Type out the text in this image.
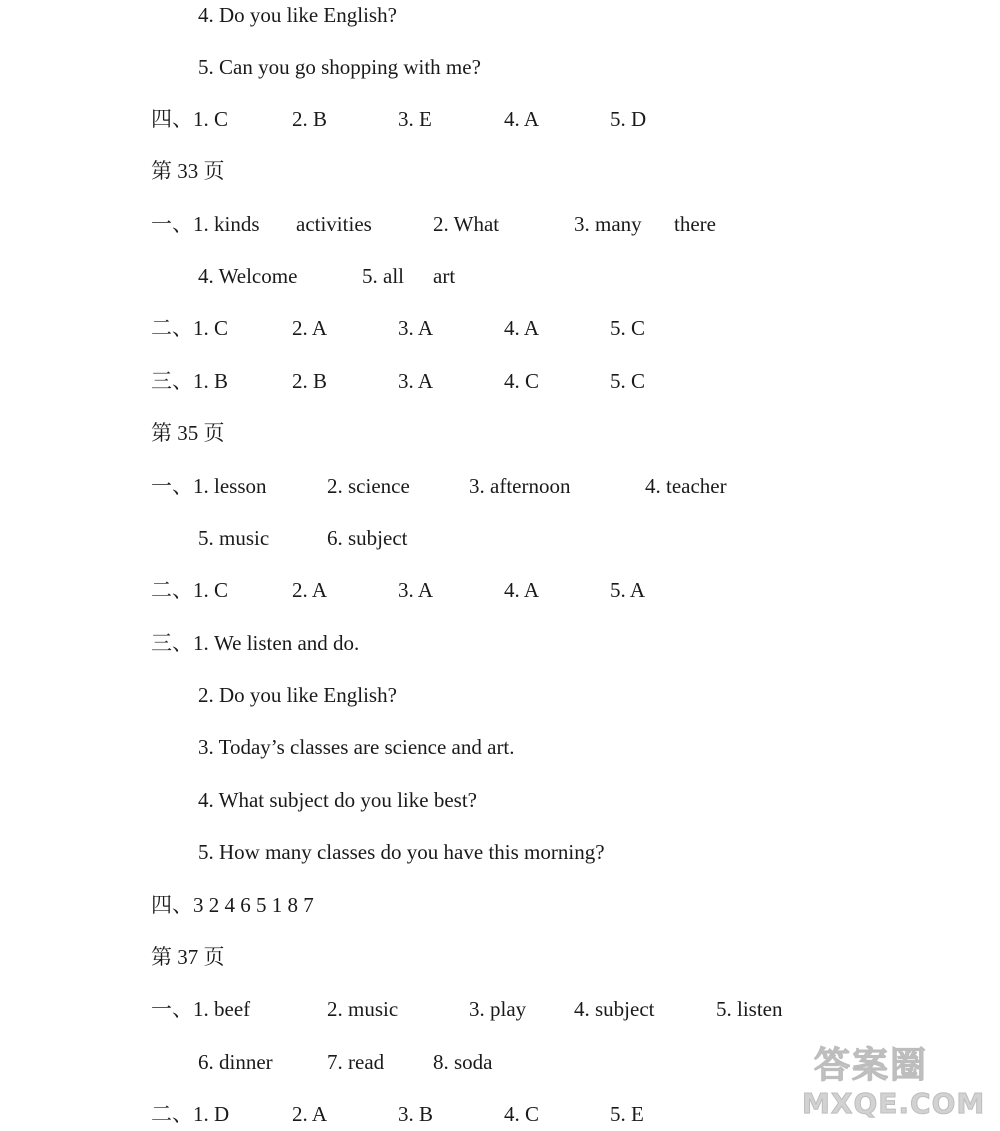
4. Do you like English?
5. Can you go shopping with me?
四、1. C	2. B	3. E	4. A	5. D
第 33 页
一、1. kinds activities	2. What	3. many there
4. Welcome	5. all art
二、1. C	2. A	3. A	4. A	5. C
三、1. B	2. B	3. A	4. C	5. C
第 35 页
一、1. lesson	2. science	3. afternoon	4. teacher
5. music	6. subject
二、1. C	2. A	3. A	4. A	5. A
三、1. We listen and do.
2. Do you like English?
3. Today’s classes are science and art.
4. What subject do you like best?
5. How many classes do you have this morning?
四、3 2 4 6 5 1 8 7
第 37 页
一、1. beef	2. music	3. play 4. subject	5. listen
6. dinner	7. read 8. soda
二、1. D	2. A	3. B	4. C	5. E
答案圈
MXQE.COM
